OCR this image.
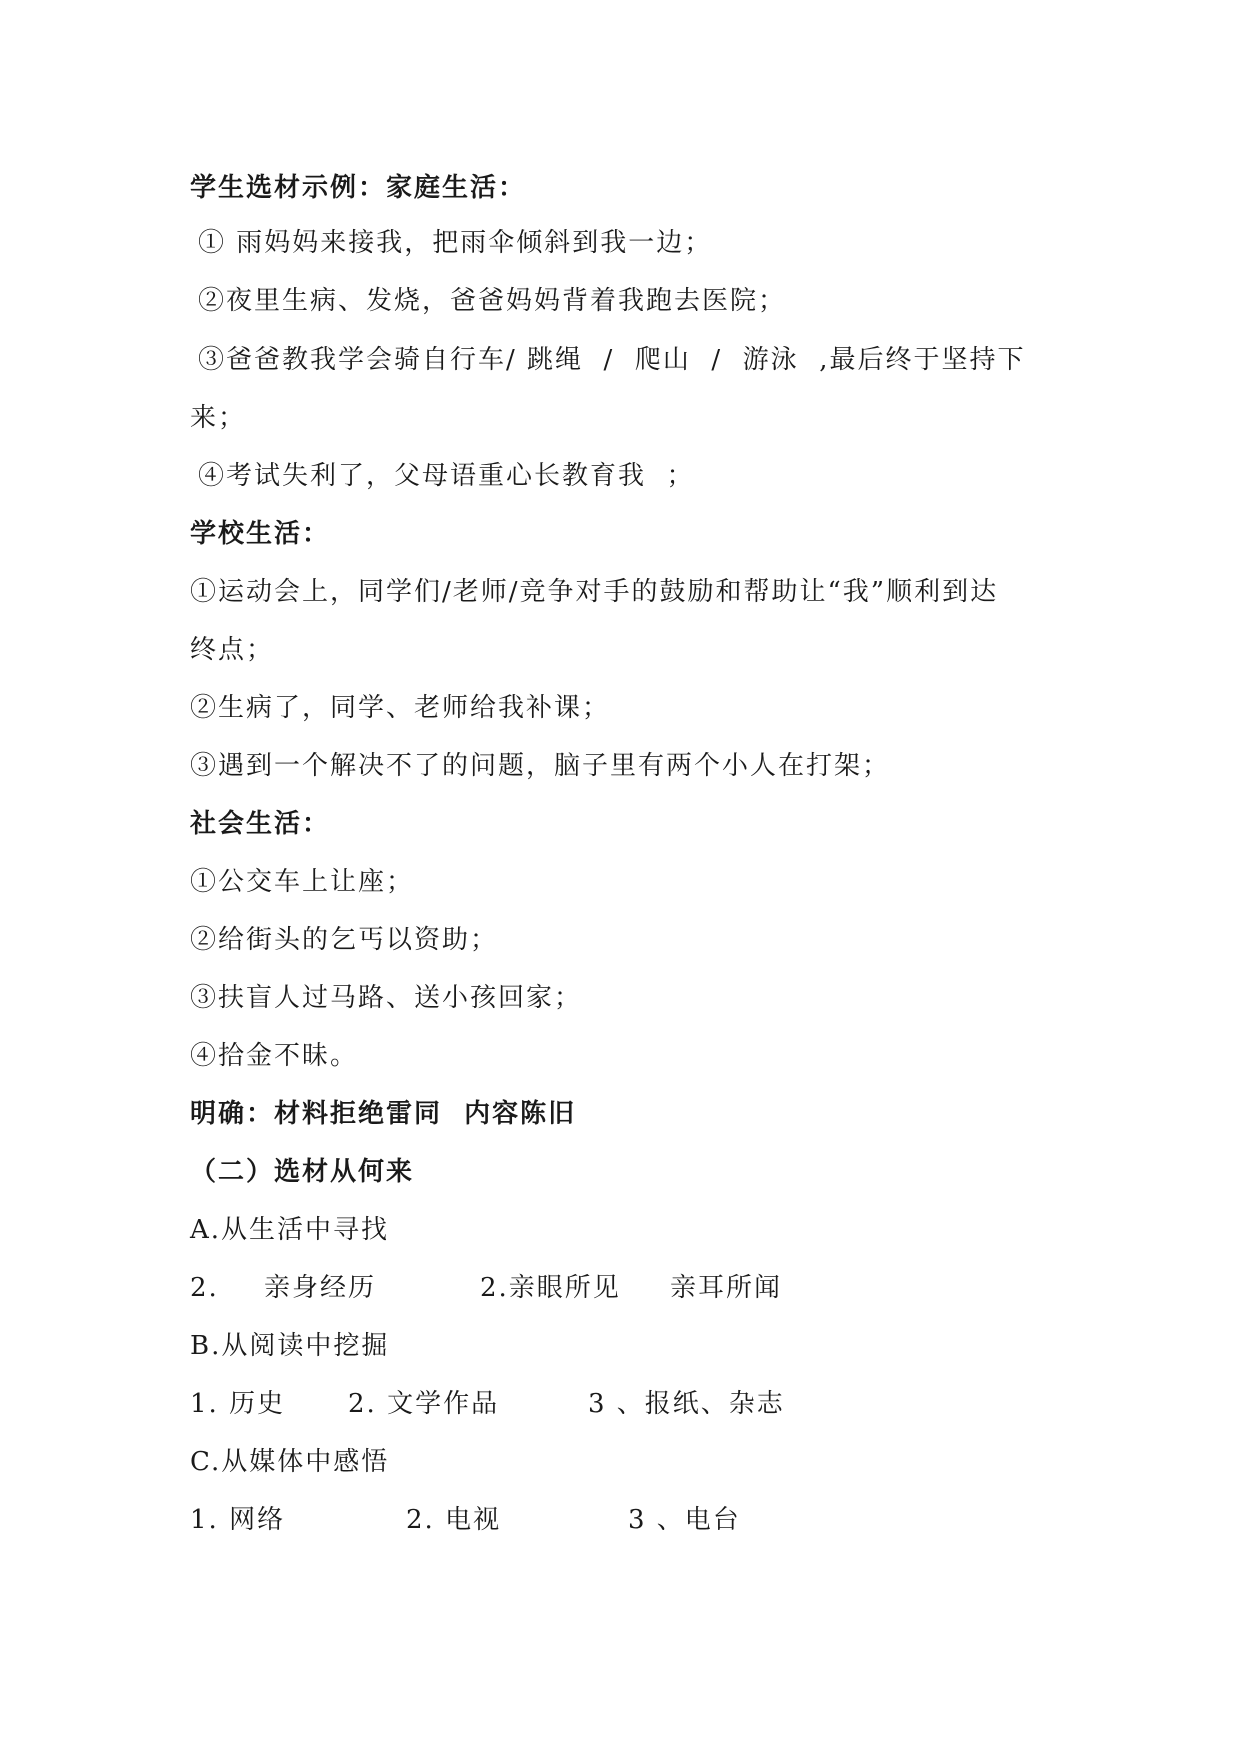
学生选材示例：家庭生活：
① 雨妈妈来接我，把雨伞倾斜到我一边；
②夜里生病、发烧，爸爸妈妈背着我跑去医院；
③爸爸教我学会骑自行车/ 跳绳  /  爬山  /  游泳  ,最后终于坚持下
来；
④考试失利了，父母语重心长教育我  ；
学校生活：
①运动会上，同学们/老师/竞争对手的鼓励和帮助让“我”顺利到达
终点；
②生病了，同学、老师给我补课；
③遇到一个解决不了的问题，脑子里有两个小人在打架；
社会生活：
①公交车上让座；
②给街头的乞丐以资助；
③扶盲人过马路、送小孩回家；
④拾金不昧。
明确：材料拒绝雷同  内容陈旧
（二）选材从何来
A.从生活中寻找

2.

亲身经历

	2.亲眼所见

亲耳所闻

B.从阅读中挖掘

1. 历史

2. 文学作品

	3 、报纸、杂志

C.从媒体中感悟

1. 网络

	2. 电视

	3 、电台
